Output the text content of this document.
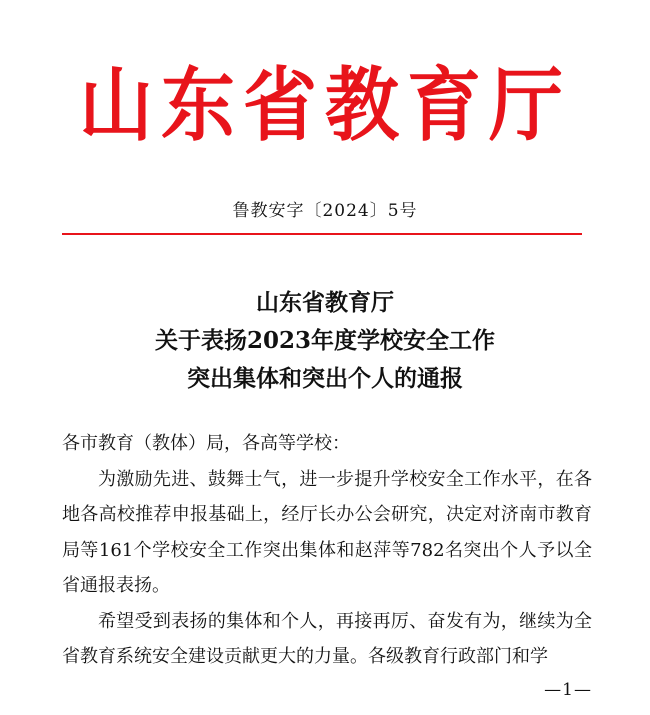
山东省教育厅
鲁教安字〔2024〕5号
山东省教育厅
关于表扬2023年度学校安全工作
突出集体和突出个人的通报

各市教育（教体）局，各高等学校：

为激励先进、鼓舞士气，进一步提升学校安全工作水平，在各地各高校推荐申报基础上，经厅长办公会研究，决定对济南市教育局等161个学校安全工作突出集体和赵萍等782名突出个人予以全省通报表扬。

希望受到表扬的集体和个人，再接再厉、奋发有为，继续为全省教育系统安全建设贡献更大的力量。各级教育行政部门和学

—1—
